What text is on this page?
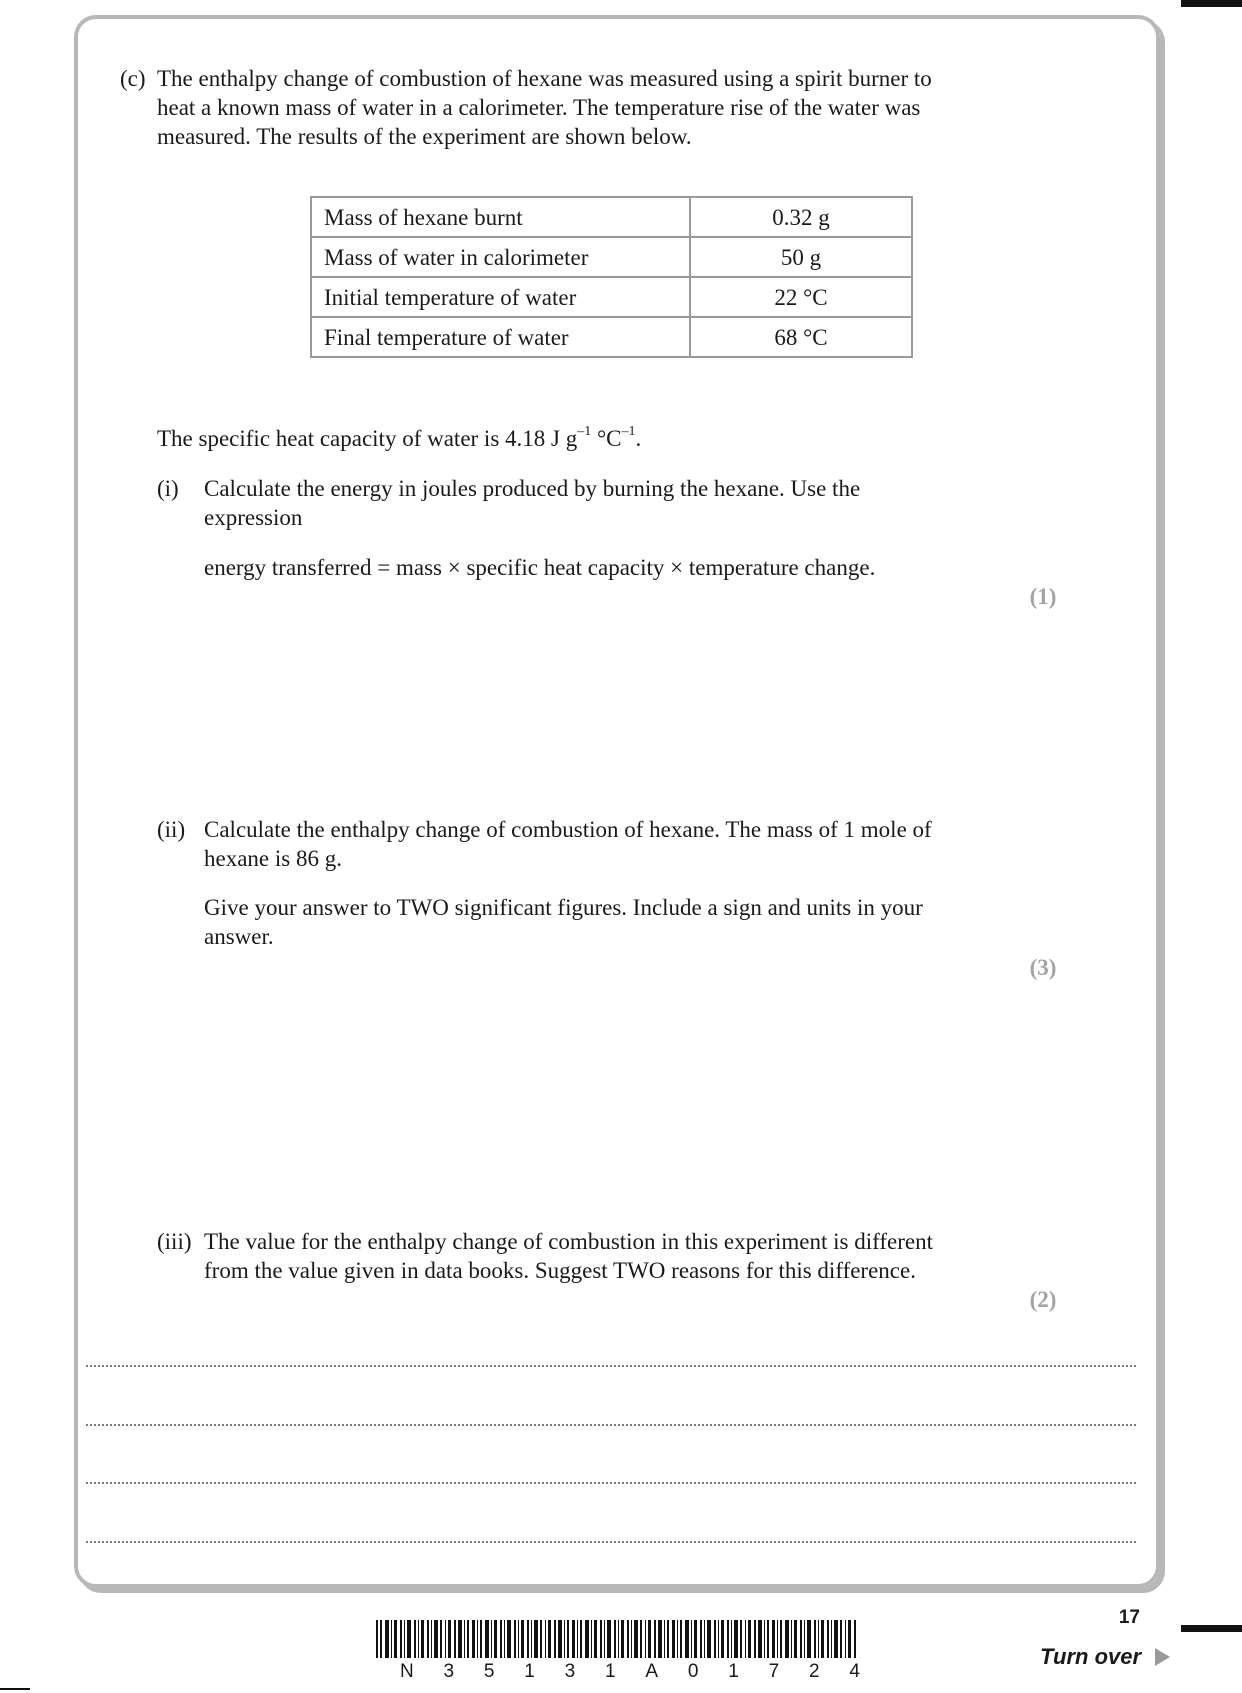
(c) The enthalpy change of combustion of hexane was measured using a spirit burner to
heat a known mass of water in a calorimeter. The temperature rise of the water was
measured. The results of the experiment are shown below.
Mass of hexane burnt	0.32 g
Mass of water in calorimeter	50 g
Initial temperature of water	22 °C
Final temperature of water	68 °C
The specific heat capacity of water is 4.18 J $g^{-1}$ $^\circ C^{-1}$.
(i) Calculate the energy in joules produced by burning the hexane. Use the
expression
energy transferred = mass × specific heat capacity × temperature change.
(1)
(ii) Calculate the enthalpy change of combustion of hexane. The mass of 1 mole of
hexane is 86 g.
Give your answer to TWO significant figures. Include a sign and units in your
answer.
(3)
(iii) The value for the enthalpy change of combustion in this experiment is different
from the value given in data books. Suggest TWO reasons for this difference.
(2)
17
N 3 5 1 3 1 A 0 1 7 2 4
Turn over
